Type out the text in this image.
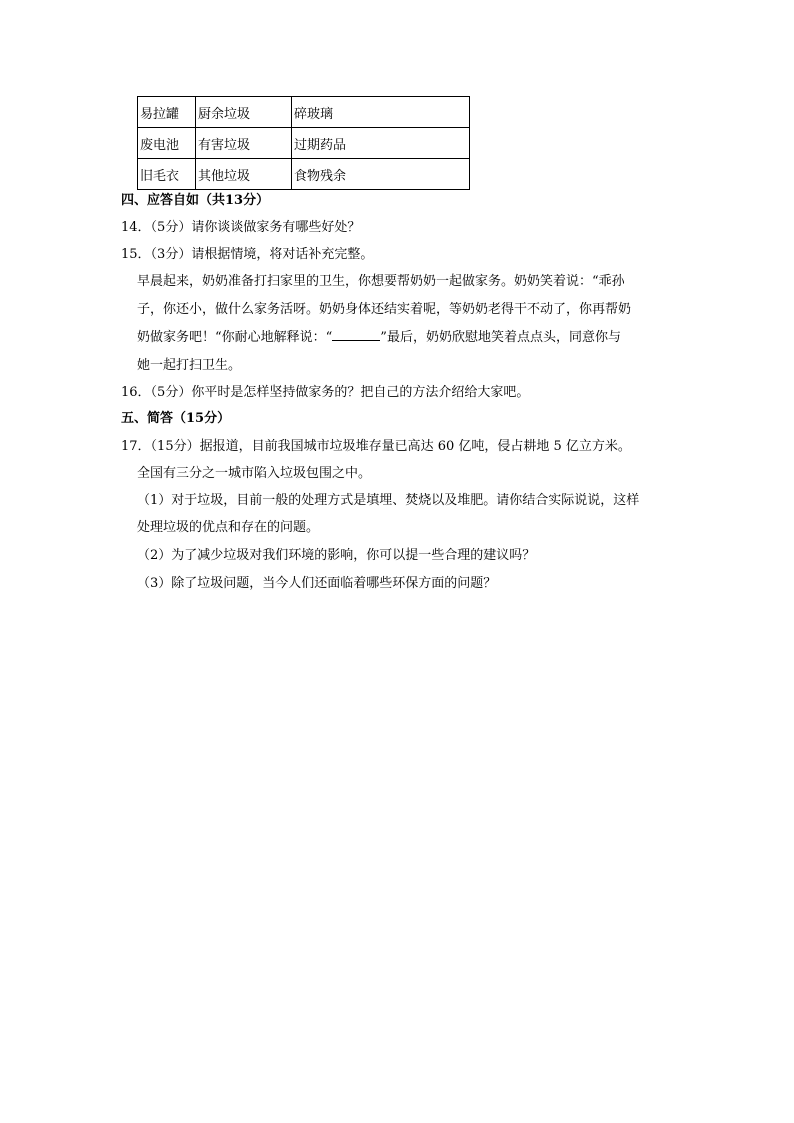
易拉罐	厨余垃圾	碎玻璃
废电池	有害垃圾	过期药品
旧毛衣	其他垃圾	食物残余
四、应答自如（共13分）
14．（5分）请你谈谈做家务有哪些好处？
15．（3分）请根据情境，将对话补充完整。
早晨起来，奶奶准备打扫家里的卫生，你想要帮奶奶一起做家务。奶奶笑着说：“乖孙
子，你还小，做什么家务活呀。奶奶身体还结实着呢，等奶奶老得干不动了，你再帮奶
奶做家务吧！“你耐心地解释说：“	”最后，奶奶欣慰地笑着点点头，同意你与
她一起打扫卫生。
16．（5分）你平时是怎样坚持做家务的？把自己的方法介绍给大家吧。
五、简答（15分）
17．（15分）据报道，目前我国城市垃圾堆存量已高达 60 亿吨，侵占耕地 5 亿立方米。
全国有三分之一城市陷入垃圾包围之中。
（1）对于垃圾，目前一般的处理方式是填埋、焚烧以及堆肥。请你结合实际说说，这样
处理垃圾的优点和存在的问题。
（2）为了减少垃圾对我们环境的影响，你可以提一些合理的建议吗？
（3）除了垃圾问题，当今人们还面临着哪些环保方面的问题？
